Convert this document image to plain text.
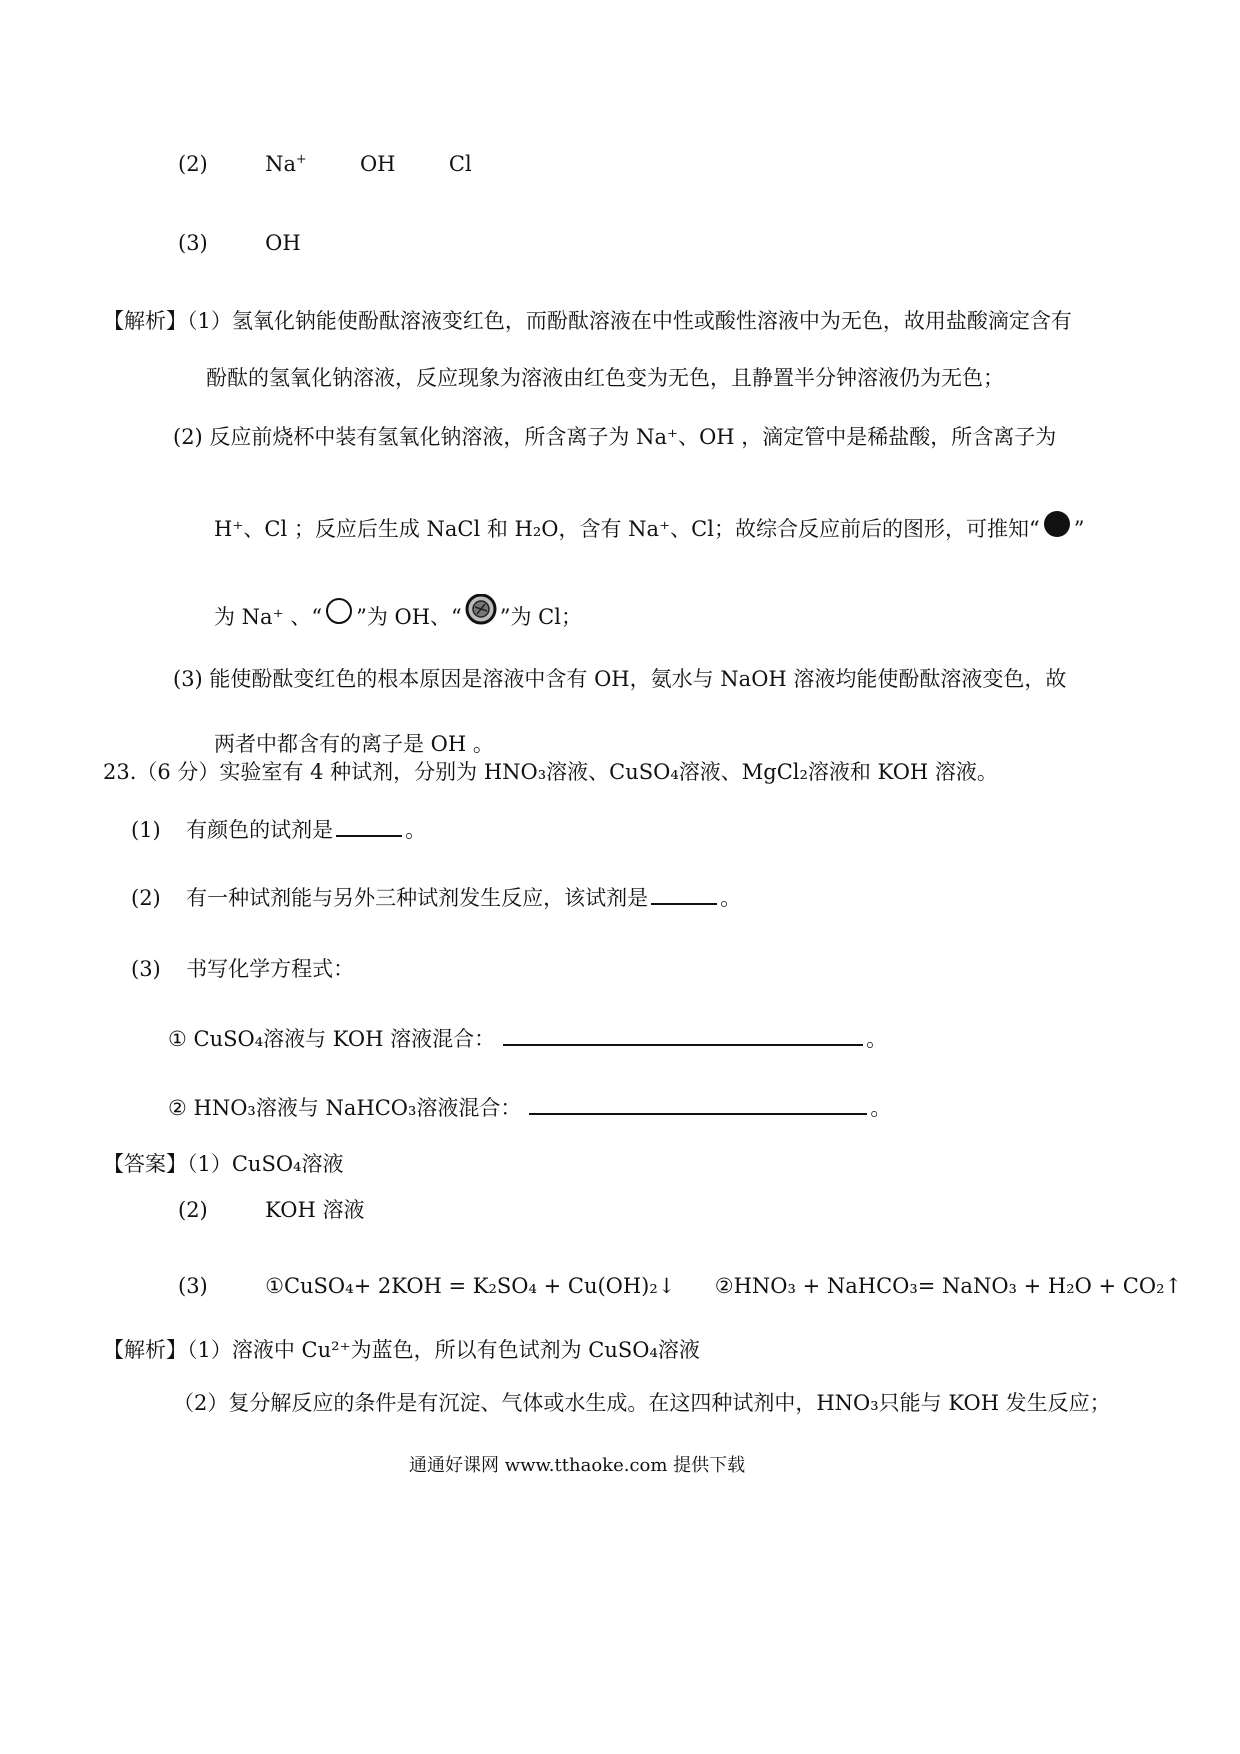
(2)	Na+	OH	Cl
(3)	OH
【解析】（1）氢氧化钠能使酚酞溶液变红色，而酚酞溶液在中性或酸性溶液中为无色，故用盐酸滴定含有
酚酞的氢氧化钠溶液，反应现象为溶液由红色变为无色，且静置半分钟溶液仍为无色；
(2) 反应前烧杯中装有氢氧化钠溶液，所含离子为 Na⁺、OH ，滴定管中是稀盐酸，所含离子为
H⁺、Cl ；反应后生成 NaCl 和 H₂O，含有 Na⁺、Cl；故综合反应前后的图形，可推知“ ”
为 Na⁺ 、“ ”为 OH、“ ”为 Cl；
(3) 能使酚酞变红色的根本原因是溶液中含有 OH，氨水与 NaOH 溶液均能使酚酞溶液变色，故
两者中都含有的离子是 OH 。
23.（6 分）实验室有 4 种试剂，分别为 HNO₃溶液、CuSO₄溶液、MgCl₂溶液和 KOH 溶液。
(1) 有颜色的试剂是	。
(2) 有一种试剂能与另外三种试剂发生反应，该试剂是	。
(3) 书写化学方程式：
① CuSO₄溶液与 KOH 溶液混合：	。
② HNO₃溶液与 NaHCO₃溶液混合：	。
【答案】（1）CuSO₄溶液
(2)	KOH 溶液
(3)	①CuSO₄+ 2KOH = K₂SO₄ + Cu(OH)₂↓ ②HNO₃ + NaHCO₃= NaNO₃ + H₂O + CO₂↑
【解析】（1）溶液中 Cu²⁺为蓝色，所以有色试剂为 CuSO₄溶液
（2）复分解反应的条件是有沉淀、气体或水生成。在这四种试剂中，HNO₃只能与 KOH 发生反应；
通通好课网 www.tthaoke.com 提供下载
